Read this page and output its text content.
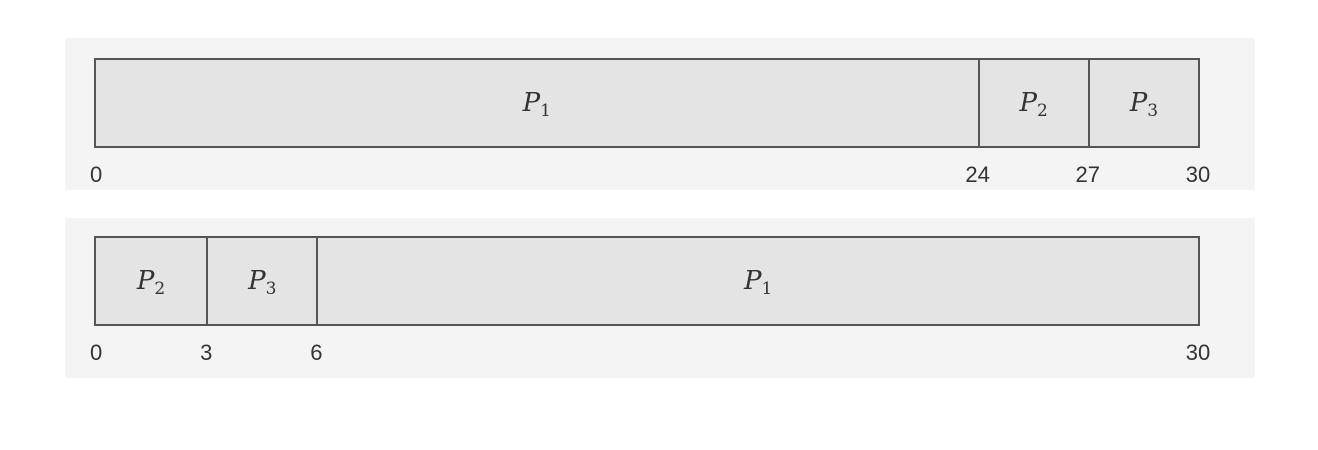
$P_1$	$P_2$	$P_3$
$P_2$	$P_3$	$P_1$
0	24	27	30
0	3	6	30
